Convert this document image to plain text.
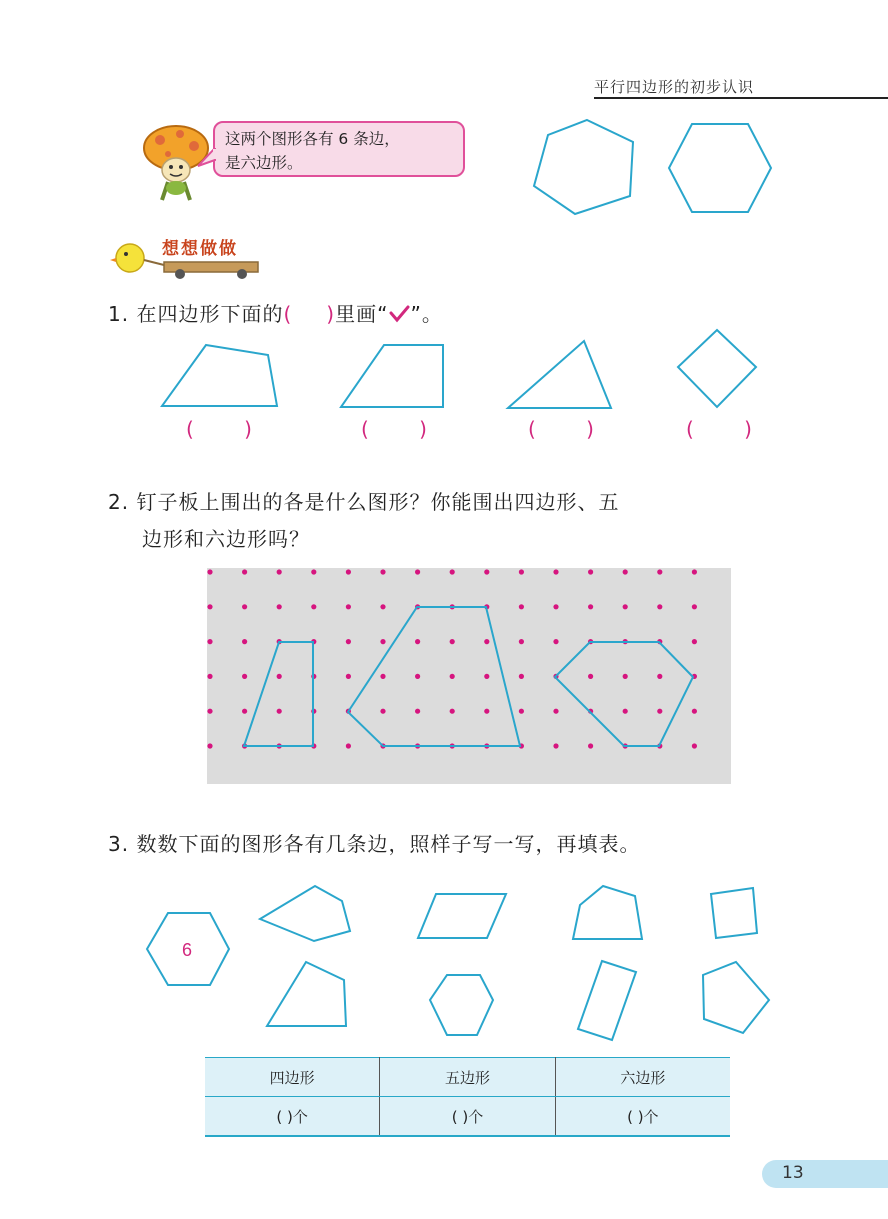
平行四边形的初步认识
这两个图形各有 6 条边，
是六边形。
想想做做
1. 在四边形下面的( )里画“ ”。
( )	( )	( )	( )
2. 钉子板上围出的各是什么图形？你能围出四边形、五
边形和六边形吗？
3. 数数下面的图形各有几条边，照样子写一写，再填表。
6
四边形	五边形	六边形
( )个	( )个	( )个
13
